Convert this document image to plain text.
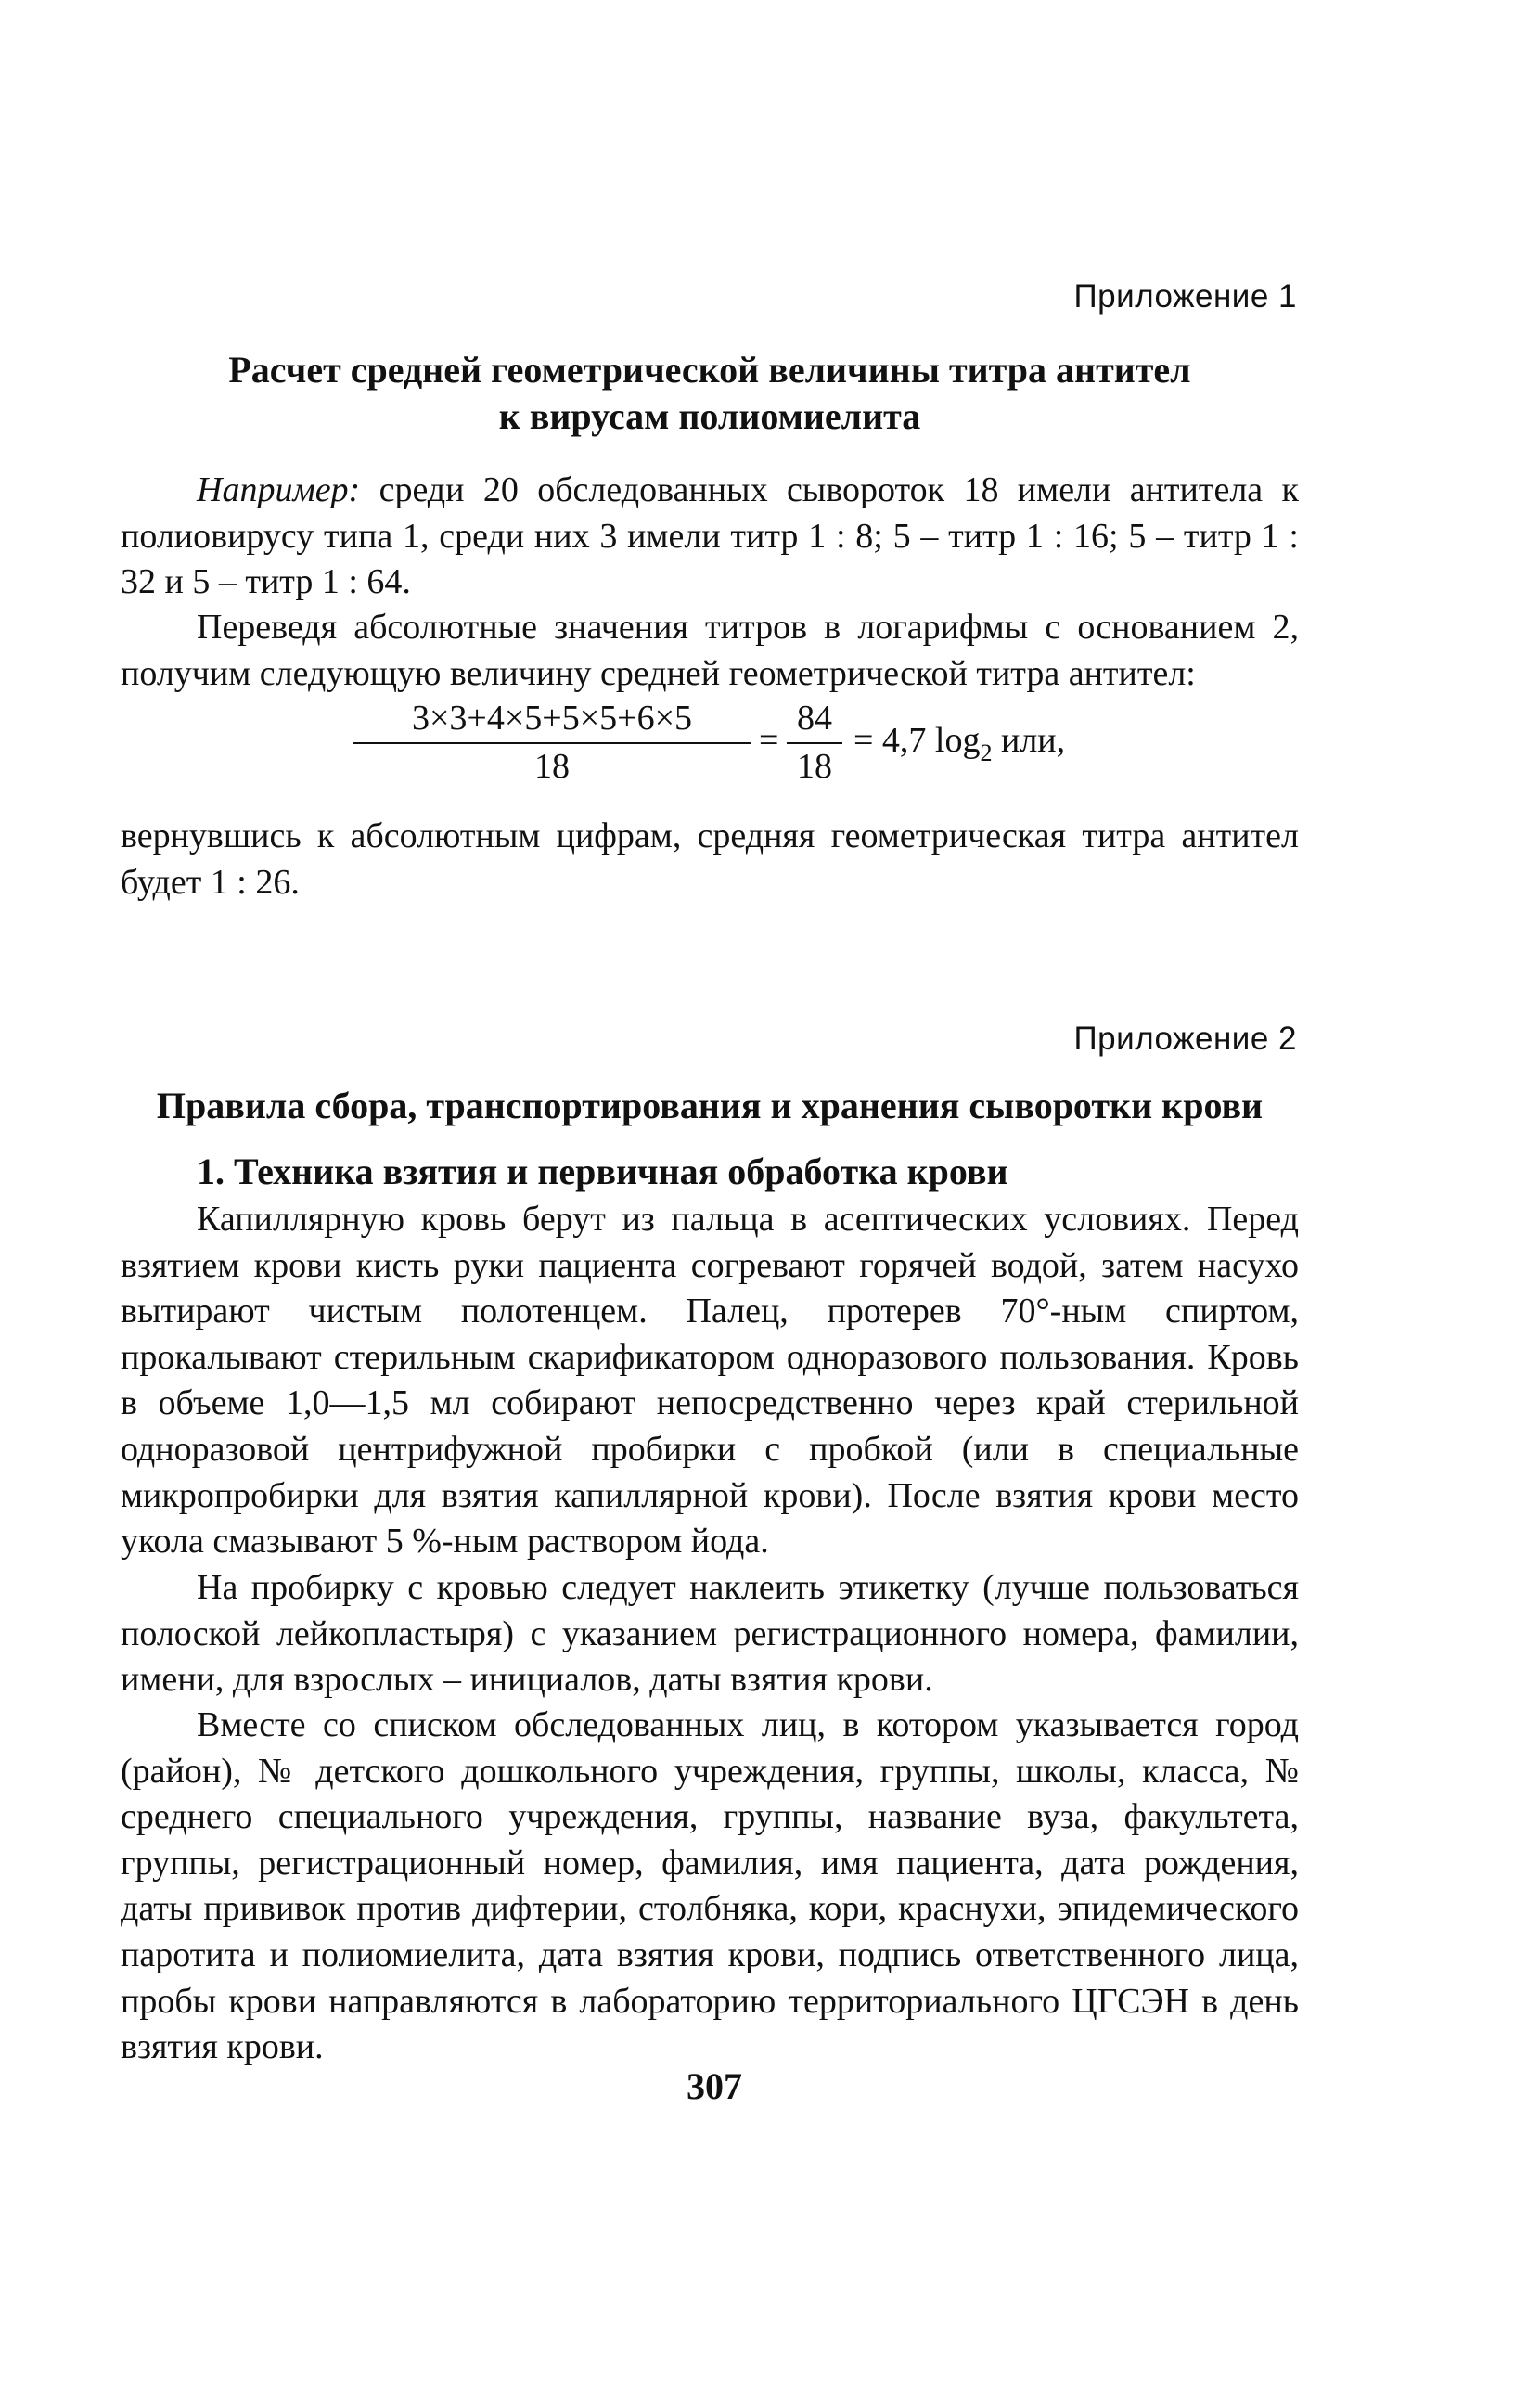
Приложение 1
Расчет средней геометрической величины титра антител
к вирусам полиомиелита

Например: среди 20 обследованных сывороток 18 имели антитела к полиовирусу типа 1, среди них 3 имели титр 1 : 8; 5 – титр 1 : 16; 5 – титр 1 : 32 и 5 – титр 1 : 64.

Переведя абсолютные значения титров в логарифмы с основанием 2, получим следующую величину средней геометрической титра антител:

3×3+4×5+5×5+6×5
18
=
84
18
= 4,7 $\log_2$ или,

вернувшись к абсолютным цифрам, средняя геометрическая титра антител будет 1 : 26.

Приложение 2
Правила сбора, транспортирования и хранения сыворотки крови
1. Техника взятия и первичная обработка крови

Капиллярную кровь берут из пальца в асептических условиях. Перед взятием крови кисть руки пациента согревают горячей водой, затем насухо вытирают чистым полотенцем. Палец, протерев 70°-ным спиртом, прокалывают стерильным скарификатором одноразового пользования. Кровь в объеме 1,0—1,5 мл собирают непосредственно через край стерильной одноразовой центрифужной пробирки с пробкой (или в специальные микропробирки для взятия капиллярной крови). После взятия крови место укола смазывают 5 %-ным раствором йода.

На пробирку с кровью следует наклеить этикетку (лучше пользоваться полоской лейкопластыря) с указанием регистрационного номера, фамилии, имени, для взрослых – инициалов, даты взятия крови.

Вместе со списком обследованных лиц, в котором указывается город (район), № детского дошкольного учреждения, группы, школы, класса, № среднего специального учреждения, группы, название вуза, факультета, группы, регистрационный номер, фамилия, имя пациента, дата рождения, даты прививок против дифтерии, столбняка, кори, краснухи, эпидемического паротита и полиомиелита, дата взятия крови, подпись ответственного лица, пробы крови направляются в лабораторию территориального ЦГСЭН в день взятия крови.

307
